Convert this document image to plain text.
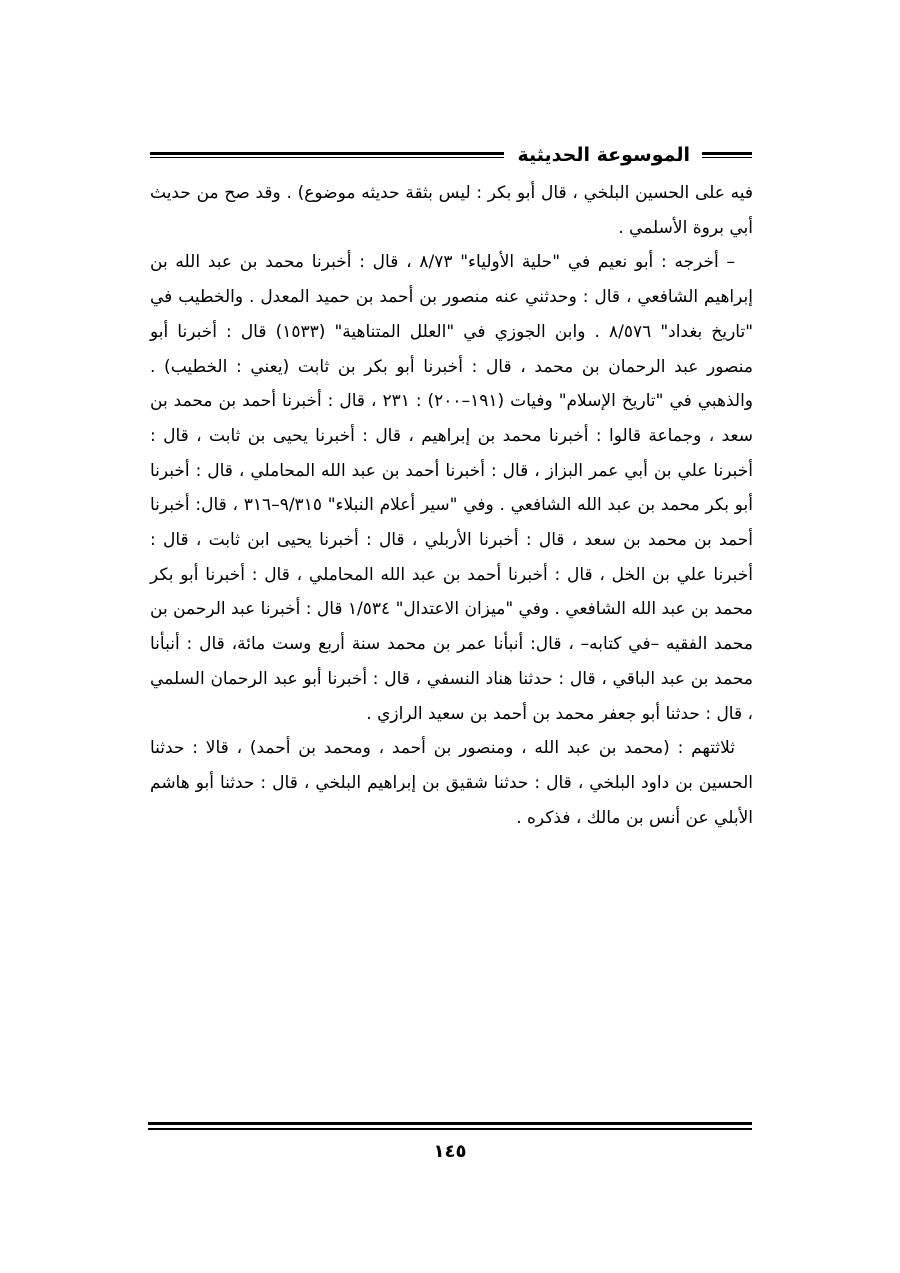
الموسوعة الحديثية

فيه على الحسين البلخي ، قال أبو بكر : ليس بثقة حديثه موضوع) . وقد صح من حديث أبي بروة الأسلمي .

– أخرجه : أبو نعيم في "حلية الأولياء" ٨/٧٣ ، قال : أخبرنا محمد بن عبد الله بن إبراهيم الشافعي ، قال : وحدثني عنه منصور بن أحمد بن حميد المعدل . والخطيب في "تاريخ بغداد" ٨/٥٧٦ . وابن الجوزي في "العلل المتناهية" (١٥٣٣) قال : أخبرنا أبو منصور عبد الرحمان بن محمد ، قال : أخبرنا أبو بكر بن ثابت (يعني : الخطيب) . والذهبي في "تاريخ الإسلام" وفيات (١٩١–٢٠٠) : ٢٣١ ، قال : أخبرنا أحمد بن محمد بن سعد ، وجماعة قالوا : أخبرنا محمد بن إبراهيم ، قال : أخبرنا يحيى بن ثابت ، قال : أخبرنا علي بن أبي عمر البزاز ، قال : أخبرنا أحمد بن عبد الله المحاملي ، قال : أخبرنا أبو بكر محمد بن عبد الله الشافعي . وفي "سير أعلام النبلاء" ٩/٣١٥–٣١٦ ، قال: أخبرنا أحمد بن محمد بن سعد ، قال : أخبرنا الأربلي ، قال : أخبرنا يحيى ابن ثابت ، قال : أخبرنا علي بن الخل ، قال : أخبرنا أحمد بن عبد الله المحاملي ، قال : أخبرنا أبو بكر محمد بن عبد الله الشافعي . وفي "ميزان الاعتدال" ١/٥٣٤ قال : أخبرنا عبد الرحمن بن محمد الفقيه –في كتابه– ، قال: أنبأنا عمر بن محمد سنة أربع وست مائة، قال : أنبأنا محمد بن عبد الباقي ، قال : حدثنا هناد النسفي ، قال : أخبرنا أبو عبد الرحمان السلمي ، قال : حدثنا أبو جعفر محمد بن أحمد بن سعيد الرازي .

ثلاثتهم : (محمد بن عبد الله ، ومنصور بن أحمد ، ومحمد بن أحمد) ، قالا : حدثنا الحسين بن داود البلخي ، قال : حدثنا شقيق بن إبراهيم البلخي ، قال : حدثنا أبو هاشم الأبلي عن أنس بن مالك ، فذكره .

١٤٥
